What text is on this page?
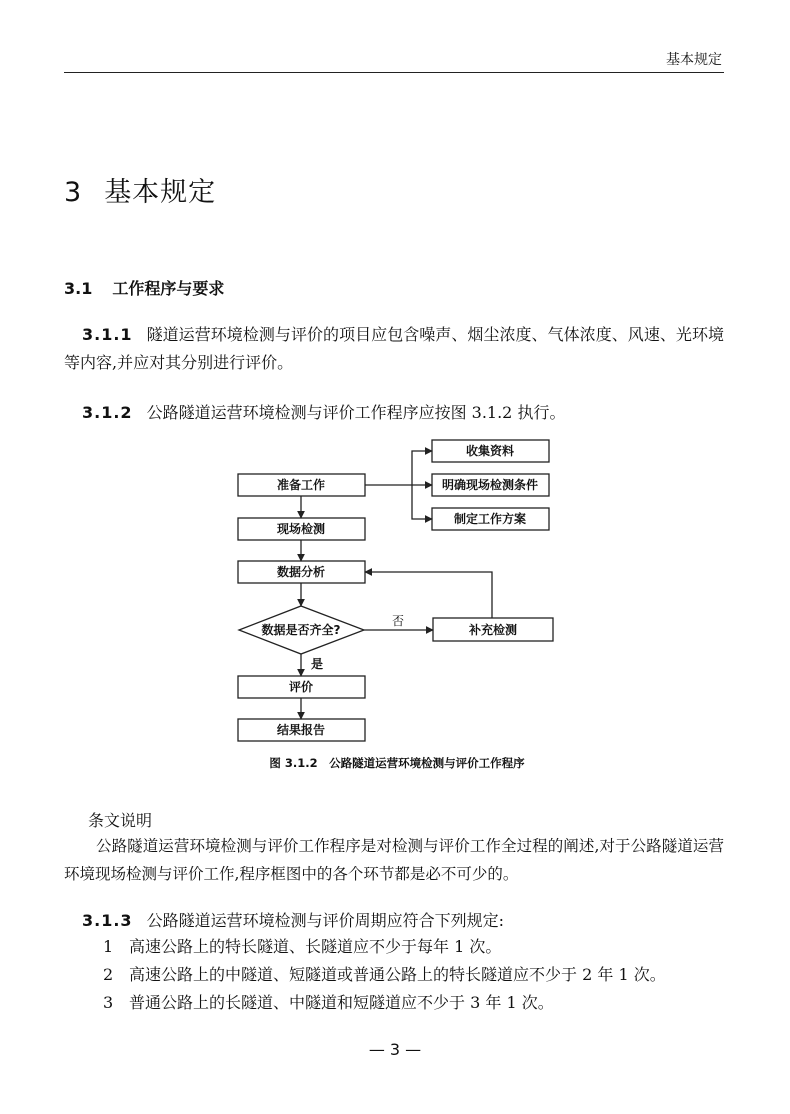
基本规定
3 基本规定
3.1 工作程序与要求
3.1.1 隧道运营环境检测与评价的项目应包含噪声、烟尘浓度、气体浓度、风速、光环境等内容,并应对其分别进行评价。
3.1.2 公路隧道运营环境检测与评价工作程序应按图 3.1.2 执行。
收集资料
明确现场检测条件
制定工作方案
准备工作
现场检测
数据分析
数据是否齐全?	补充检测
评价
结果报告
否
是
图 3.1.2　公路隧道运营环境检测与评价工作程序
条文说明
公路隧道运营环境检测与评价工作程序是对检测与评价工作全过程的阐述,对于公路隧道运营环境现场检测与评价工作,程序框图中的各个环节都是必不可少的。
3.1.3 公路隧道运营环境检测与评价周期应符合下列规定:
1 高速公路上的特长隧道、长隧道应不少于每年 1 次。
2 高速公路上的中隧道、短隧道或普通公路上的特长隧道应不少于 2 年 1 次。
3 普通公路上的长隧道、中隧道和短隧道应不少于 3 年 1 次。
— 3 —
